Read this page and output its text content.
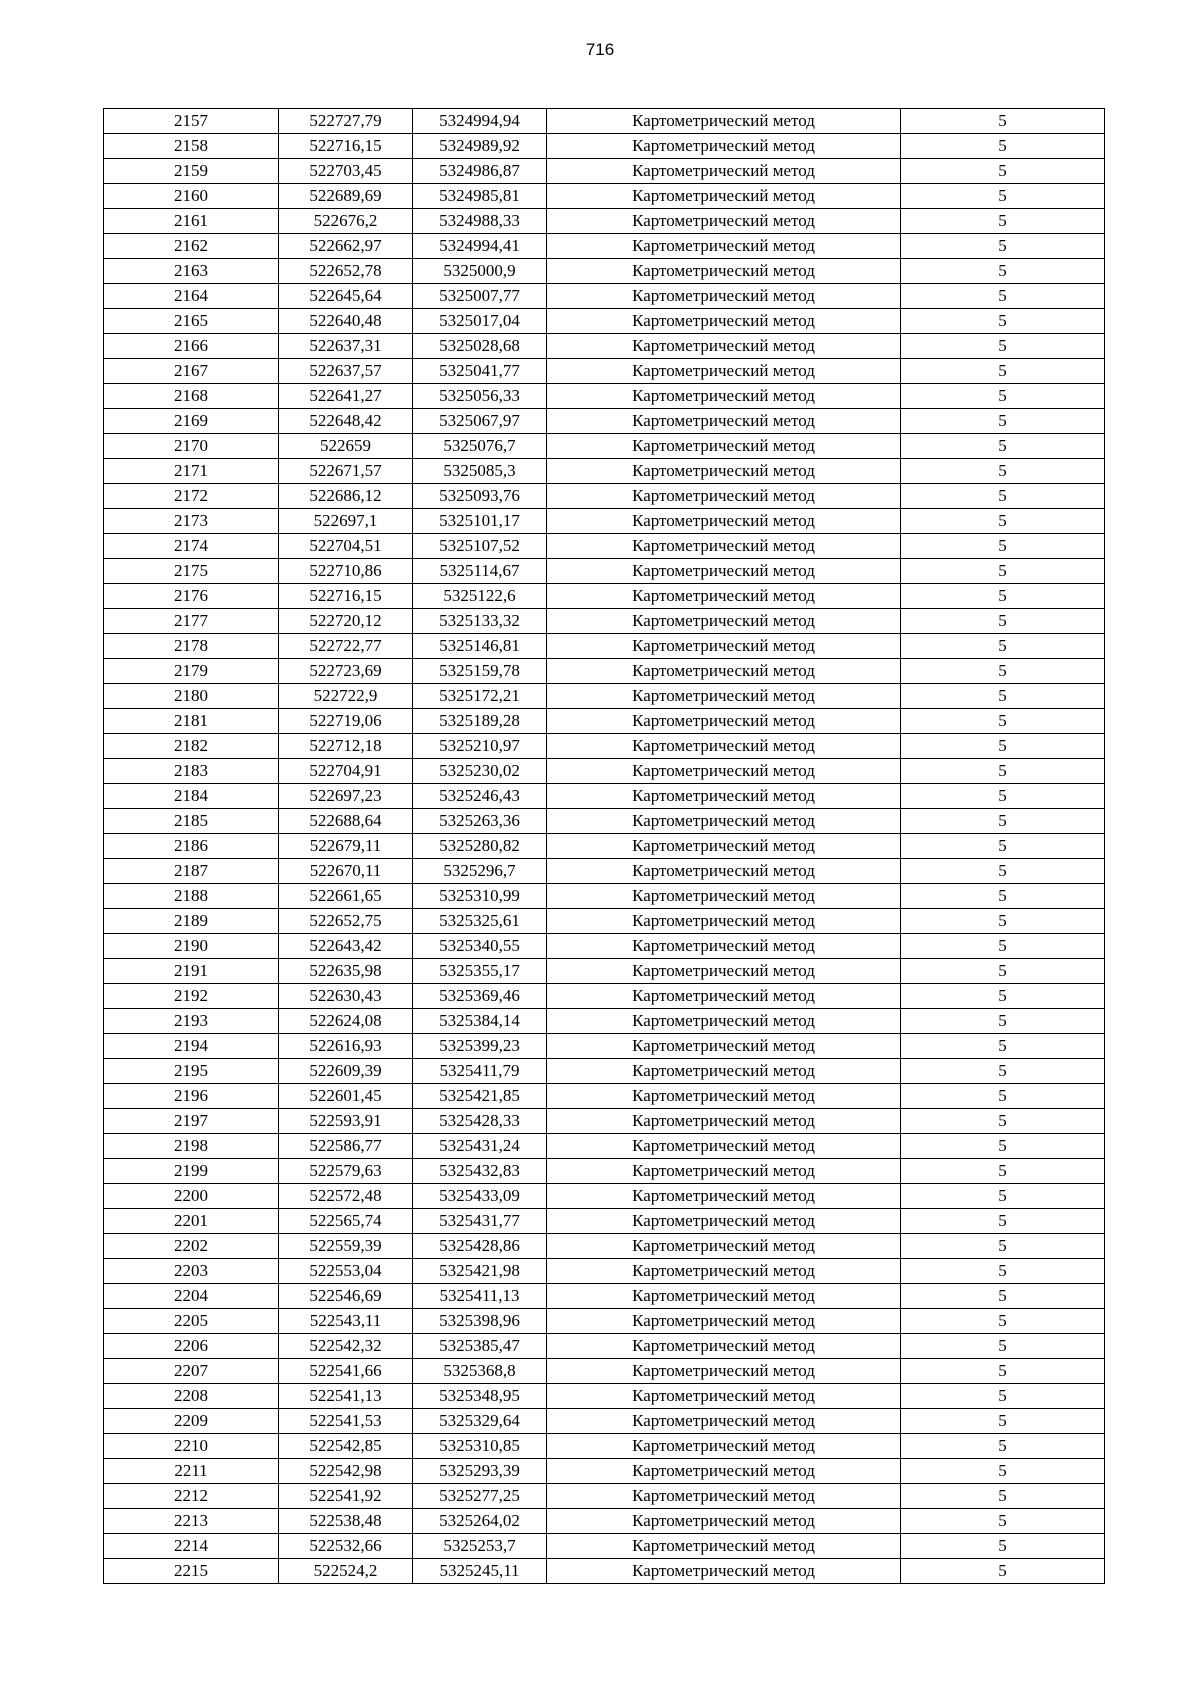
716
2157	522727,79	5324994,94	Картометрический метод	5
2158	522716,15	5324989,92	Картометрический метод	5
2159	522703,45	5324986,87	Картометрический метод	5
2160	522689,69	5324985,81	Картометрический метод	5
2161	522676,2	5324988,33	Картометрический метод	5
2162	522662,97	5324994,41	Картометрический метод	5
2163	522652,78	5325000,9	Картометрический метод	5
2164	522645,64	5325007,77	Картометрический метод	5
2165	522640,48	5325017,04	Картометрический метод	5
2166	522637,31	5325028,68	Картометрический метод	5
2167	522637,57	5325041,77	Картометрический метод	5
2168	522641,27	5325056,33	Картометрический метод	5
2169	522648,42	5325067,97	Картометрический метод	5
2170	522659	5325076,7	Картометрический метод	5
2171	522671,57	5325085,3	Картометрический метод	5
2172	522686,12	5325093,76	Картометрический метод	5
2173	522697,1	5325101,17	Картометрический метод	5
2174	522704,51	5325107,52	Картометрический метод	5
2175	522710,86	5325114,67	Картометрический метод	5
2176	522716,15	5325122,6	Картометрический метод	5
2177	522720,12	5325133,32	Картометрический метод	5
2178	522722,77	5325146,81	Картометрический метод	5
2179	522723,69	5325159,78	Картометрический метод	5
2180	522722,9	5325172,21	Картометрический метод	5
2181	522719,06	5325189,28	Картометрический метод	5
2182	522712,18	5325210,97	Картометрический метод	5
2183	522704,91	5325230,02	Картометрический метод	5
2184	522697,23	5325246,43	Картометрический метод	5
2185	522688,64	5325263,36	Картометрический метод	5
2186	522679,11	5325280,82	Картометрический метод	5
2187	522670,11	5325296,7	Картометрический метод	5
2188	522661,65	5325310,99	Картометрический метод	5
2189	522652,75	5325325,61	Картометрический метод	5
2190	522643,42	5325340,55	Картометрический метод	5
2191	522635,98	5325355,17	Картометрический метод	5
2192	522630,43	5325369,46	Картометрический метод	5
2193	522624,08	5325384,14	Картометрический метод	5
2194	522616,93	5325399,23	Картометрический метод	5
2195	522609,39	5325411,79	Картометрический метод	5
2196	522601,45	5325421,85	Картометрический метод	5
2197	522593,91	5325428,33	Картометрический метод	5
2198	522586,77	5325431,24	Картометрический метод	5
2199	522579,63	5325432,83	Картометрический метод	5
2200	522572,48	5325433,09	Картометрический метод	5
2201	522565,74	5325431,77	Картометрический метод	5
2202	522559,39	5325428,86	Картометрический метод	5
2203	522553,04	5325421,98	Картометрический метод	5
2204	522546,69	5325411,13	Картометрический метод	5
2205	522543,11	5325398,96	Картометрический метод	5
2206	522542,32	5325385,47	Картометрический метод	5
2207	522541,66	5325368,8	Картометрический метод	5
2208	522541,13	5325348,95	Картометрический метод	5
2209	522541,53	5325329,64	Картометрический метод	5
2210	522542,85	5325310,85	Картометрический метод	5
2211	522542,98	5325293,39	Картометрический метод	5
2212	522541,92	5325277,25	Картометрический метод	5
2213	522538,48	5325264,02	Картометрический метод	5
2214	522532,66	5325253,7	Картометрический метод	5
2215	522524,2	5325245,11	Картометрический метод	5
